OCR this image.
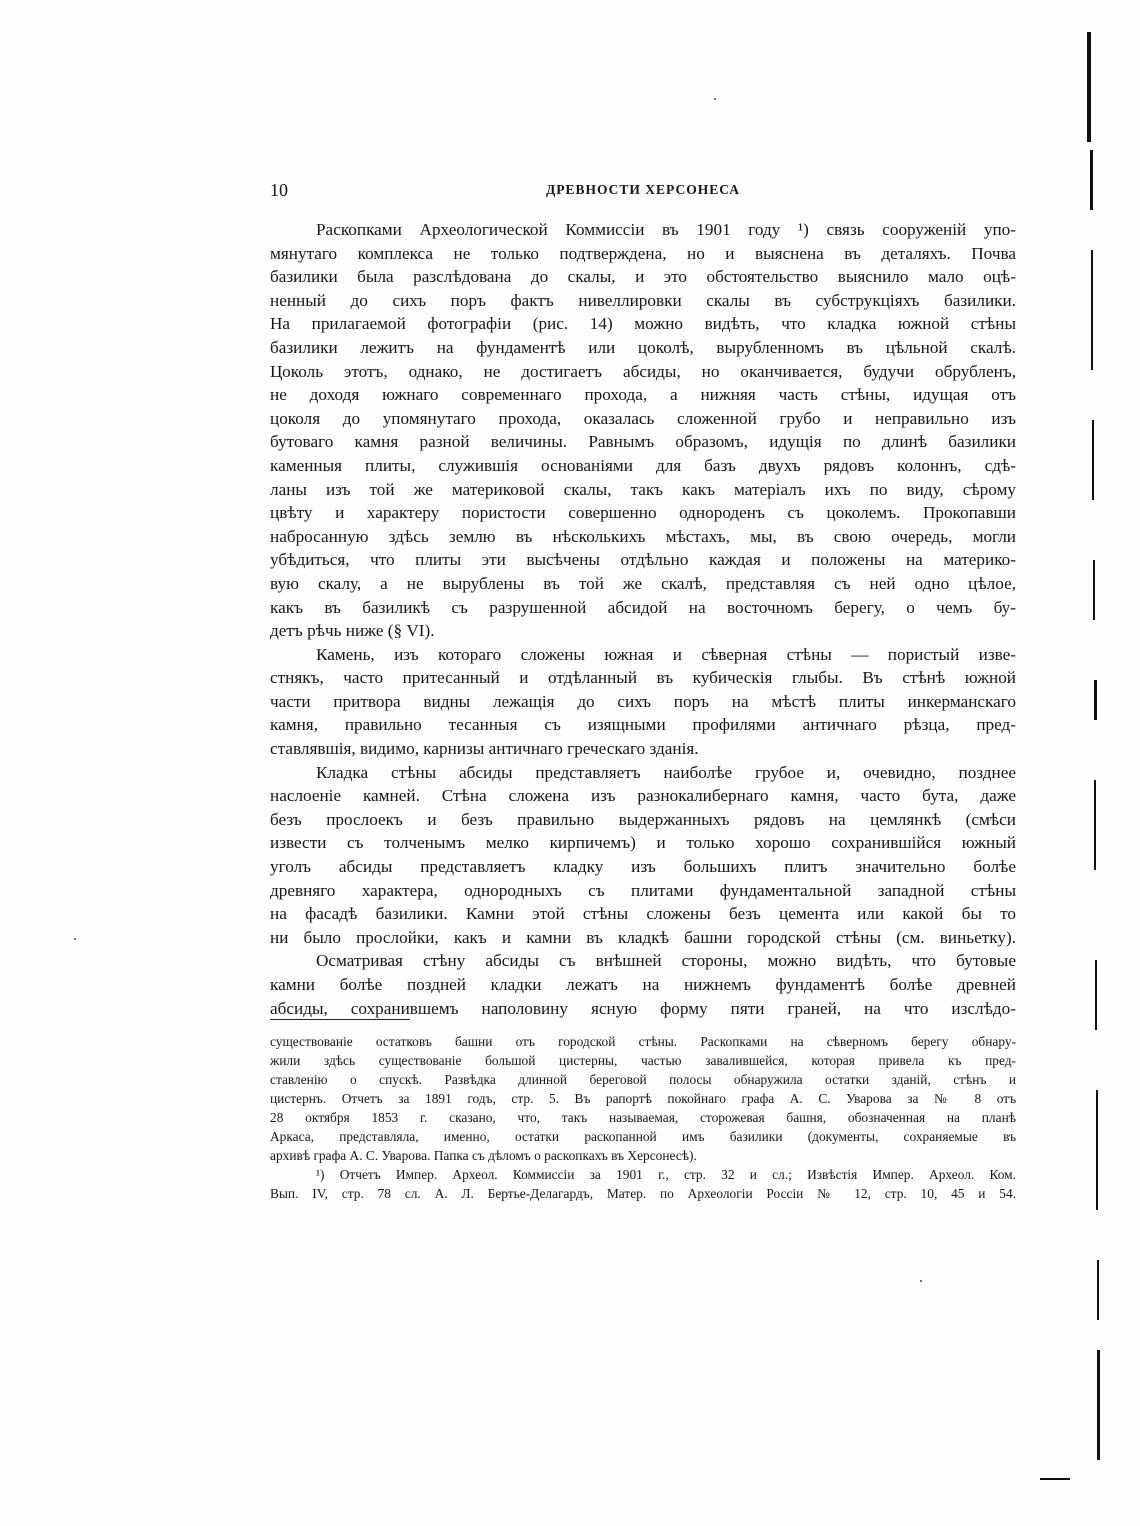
10	ДРЕВНОСТИ ХЕРСОНЕСА
Раскопками Археологической Коммиссіи въ 1901 году ¹) связь сооруженій упо-
мянутаго комплекса не только подтверждена, но и выяснена въ деталяхъ. Почва
базилики была разслѣдована до скалы, и это обстоятельство выяснило мало оцѣ-
ненный до сихъ поръ фактъ нивеллировки скалы въ субструкціяхъ базилики.
На прилагаемой фотографіи (рис. 14) можно видѣть, что кладка южной стѣны
базилики лежитъ на фундаментѣ или цоколѣ, вырубленномъ въ цѣльной скалѣ.
Цоколь этотъ, однако, не достигаетъ абсиды, но оканчивается, будучи обрубленъ,
не доходя южнаго современнаго прохода, а нижняя часть стѣны, идущая отъ
цоколя до упомянутаго прохода, оказалась сложенной грубо и неправильно изъ
бутоваго камня разной величины. Равнымъ образомъ, идущія по длинѣ базилики
каменныя плиты, служившія основаніями для базъ двухъ рядовъ колоннъ, сдѣ-
ланы изъ той же материковой скалы, такъ какъ матеріалъ ихъ по виду, сѣрому
цвѣту и характеру пористости совершенно однороденъ съ цоколемъ. Прокопавши
набросанную здѣсь землю въ нѣсколькихъ мѣстахъ, мы, въ свою очередь, могли
убѣдиться, что плиты эти высѣчены отдѣльно каждая и положены на материко-
вую скалу, а не вырублены въ той же скалѣ, представляя съ ней одно цѣлое,
какъ въ базиликѣ съ разрушенной абсидой на восточномъ берегу, о чемъ бу-
детъ рѣчь ниже (§ VI).
Камень, изъ котораго сложены южная и сѣверная стѣны — пористый изве-
стнякъ, часто притесанный и отдѣланный въ кубическія глыбы. Въ стѣнѣ южной
части притвора видны лежащія до сихъ поръ на мѣстѣ плиты инкерманскаго
камня, правильно тесанныя съ изящными профилями античнаго рѣзца, пред-
ставлявшія, видимо, карнизы античнаго греческаго зданія.
Кладка стѣны абсиды представляетъ наиболѣе грубое и, очевидно, позднее
наслоеніе камней. Стѣна сложена изъ разнокалибернаго камня, часто бута, даже
безъ прослоекъ и безъ правильно выдержанныхъ рядовъ на цемлянкѣ (смѣси
извести съ толченымъ мелко кирпичемъ) и только хорошо сохранившійся южный
уголъ абсиды представляетъ кладку изъ большихъ плитъ значительно болѣе
древняго характера, однородныхъ съ плитами фундаментальной западной стѣны
на фасадѣ базилики. Камни этой стѣны сложены безъ цемента или какой бы то
ни было прослойки, какъ и камни въ кладкѣ башни городской стѣны (см. виньетку).
Осматривая стѣну абсиды съ внѣшней стороны, можно видѣть, что бутовые
камни болѣе поздней кладки лежатъ на нижнемъ фундаментѣ болѣе древней
абсиды, сохранившемъ наполовину ясную форму пяти граней, на что изслѣдо-
существованіе остатковъ башни отъ городской стѣны. Раскопками на сѣверномъ берегу обнару-
жили здѣсь существованіе большой цистерны, частью завалившейся, которая привела къ пред-
ставленію о спускѣ. Развѣдка длинной береговой полосы обнаружила остатки зданій, стѣнъ и
цистернъ. Отчетъ за 1891 годъ, стр. 5. Въ рапортѣ покойнаго графа А. С. Уварова за № 8 отъ
28 октября 1853 г. сказано, что, такъ называемая, сторожевая башня, обозначенная на планѣ
Аркаса, представляла, именно, остатки раскопанной имъ базилики (документы, сохраняемые въ
архивѣ графа А. С. Уварова. Папка съ дѣломъ о раскопкахъ въ Херсонесѣ).
¹) Отчетъ Импер. Археол. Коммиссіи за 1901 г., стр. 32 и сл.; Извѣстія Импер. Археол. Ком.
Вып. IV, стр. 78 сл. А. Л. Бертье-Делагардъ, Матер. по Археологіи Россіи № 12, стр. 10, 45 и 54.
